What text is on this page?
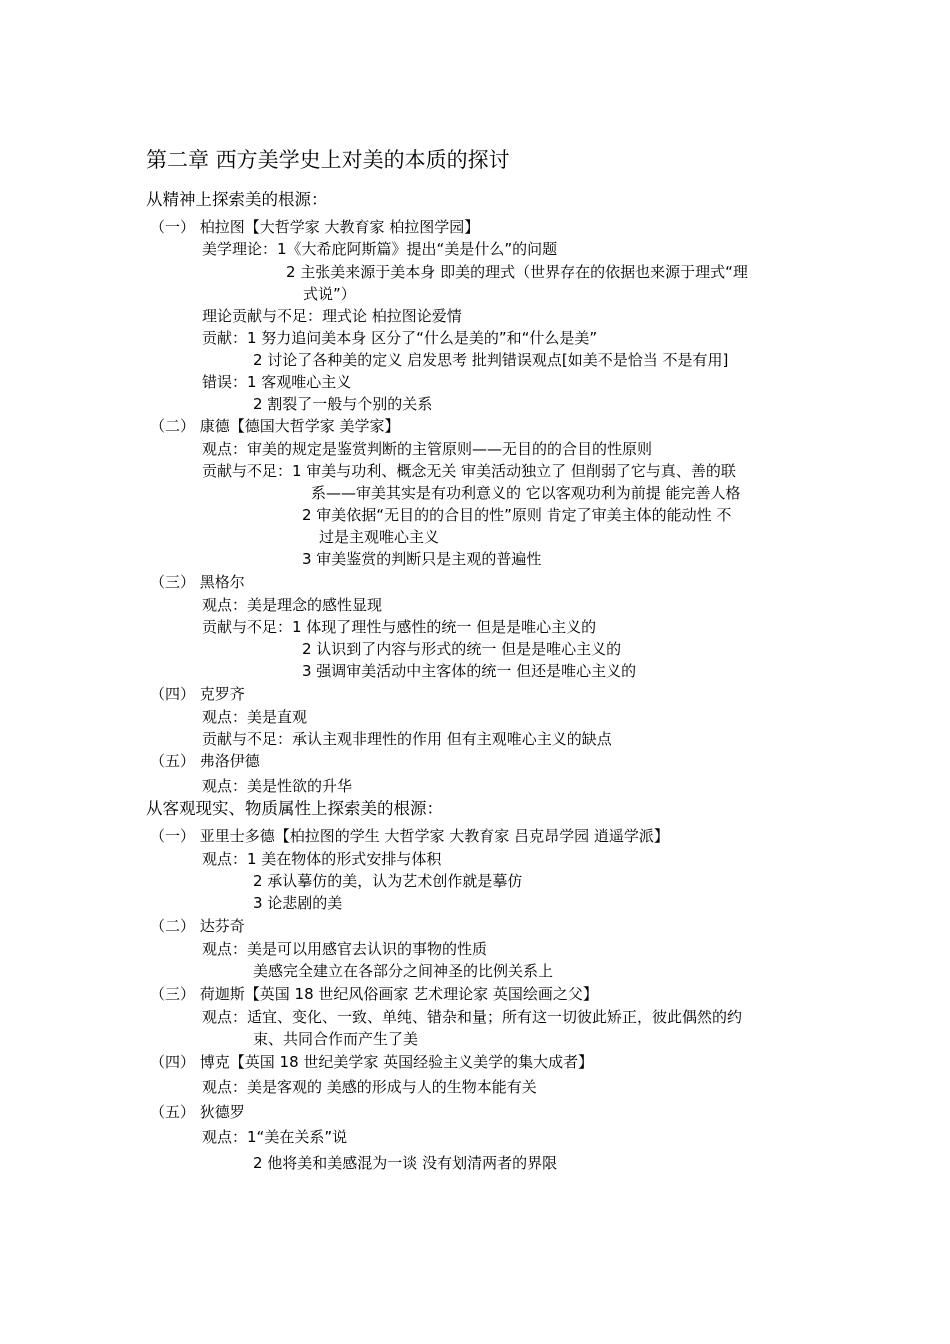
第二章 西方美学史上对美的本质的探讨
从精神上探索美的根源：
（一） 柏拉图【大哲学家 大教育家 柏拉图学园】
美学理论：1《大希庇阿斯篇》提出“美是什么”的问题
2 主张美来源于美本身 即美的理式（世界存在的依据也来源于理式“理
式说”）
理论贡献与不足：理式论 柏拉图论爱情
贡献：1 努力追问美本身 区分了“什么是美的”和“什么是美”
2 讨论了各种美的定义 启发思考 批判错误观点[如美不是恰当 不是有用]
错误：1 客观唯心主义
2 割裂了一般与个别的关系
（二） 康德【德国大哲学家 美学家】
观点：审美的规定是鉴赏判断的主管原则——无目的的合目的性原则
贡献与不足：1 审美与功利、概念无关 审美活动独立了 但削弱了它与真、善的联
系——审美其实是有功利意义的 它以客观功利为前提 能完善人格
2 审美依据“无目的的合目的性”原则 肯定了审美主体的能动性 不
过是主观唯心主义
3 审美鉴赏的判断只是主观的普遍性
（三） 黑格尔
观点：美是理念的感性显现
贡献与不足：1 体现了理性与感性的统一 但是是唯心主义的
2 认识到了内容与形式的统一 但是是唯心主义的
3 强调审美活动中主客体的统一 但还是唯心主义的
（四） 克罗齐
观点：美是直观
贡献与不足：承认主观非理性的作用 但有主观唯心主义的缺点
（五） 弗洛伊德
观点：美是性欲的升华
从客观现实、物质属性上探索美的根源：
（一） 亚里士多德【柏拉图的学生 大哲学家 大教育家 吕克昂学园 逍遥学派】
观点：1 美在物体的形式安排与体积
2 承认摹仿的美，认为艺术创作就是摹仿
3 论悲剧的美
（二） 达芬奇
观点：美是可以用感官去认识的事物的性质
美感完全建立在各部分之间神圣的比例关系上
（三） 荷迦斯【英国 18 世纪风俗画家 艺术理论家 英国绘画之父】
观点：适宜、变化、一致、单纯、错杂和量；所有这一切彼此矫正，彼此偶然的约
束、共同合作而产生了美
（四） 博克【英国 18 世纪美学家 英国经验主义美学的集大成者】
观点：美是客观的 美感的形成与人的生物本能有关
（五） 狄德罗
观点：1“美在关系”说
2 他将美和美感混为一谈 没有划清两者的界限
